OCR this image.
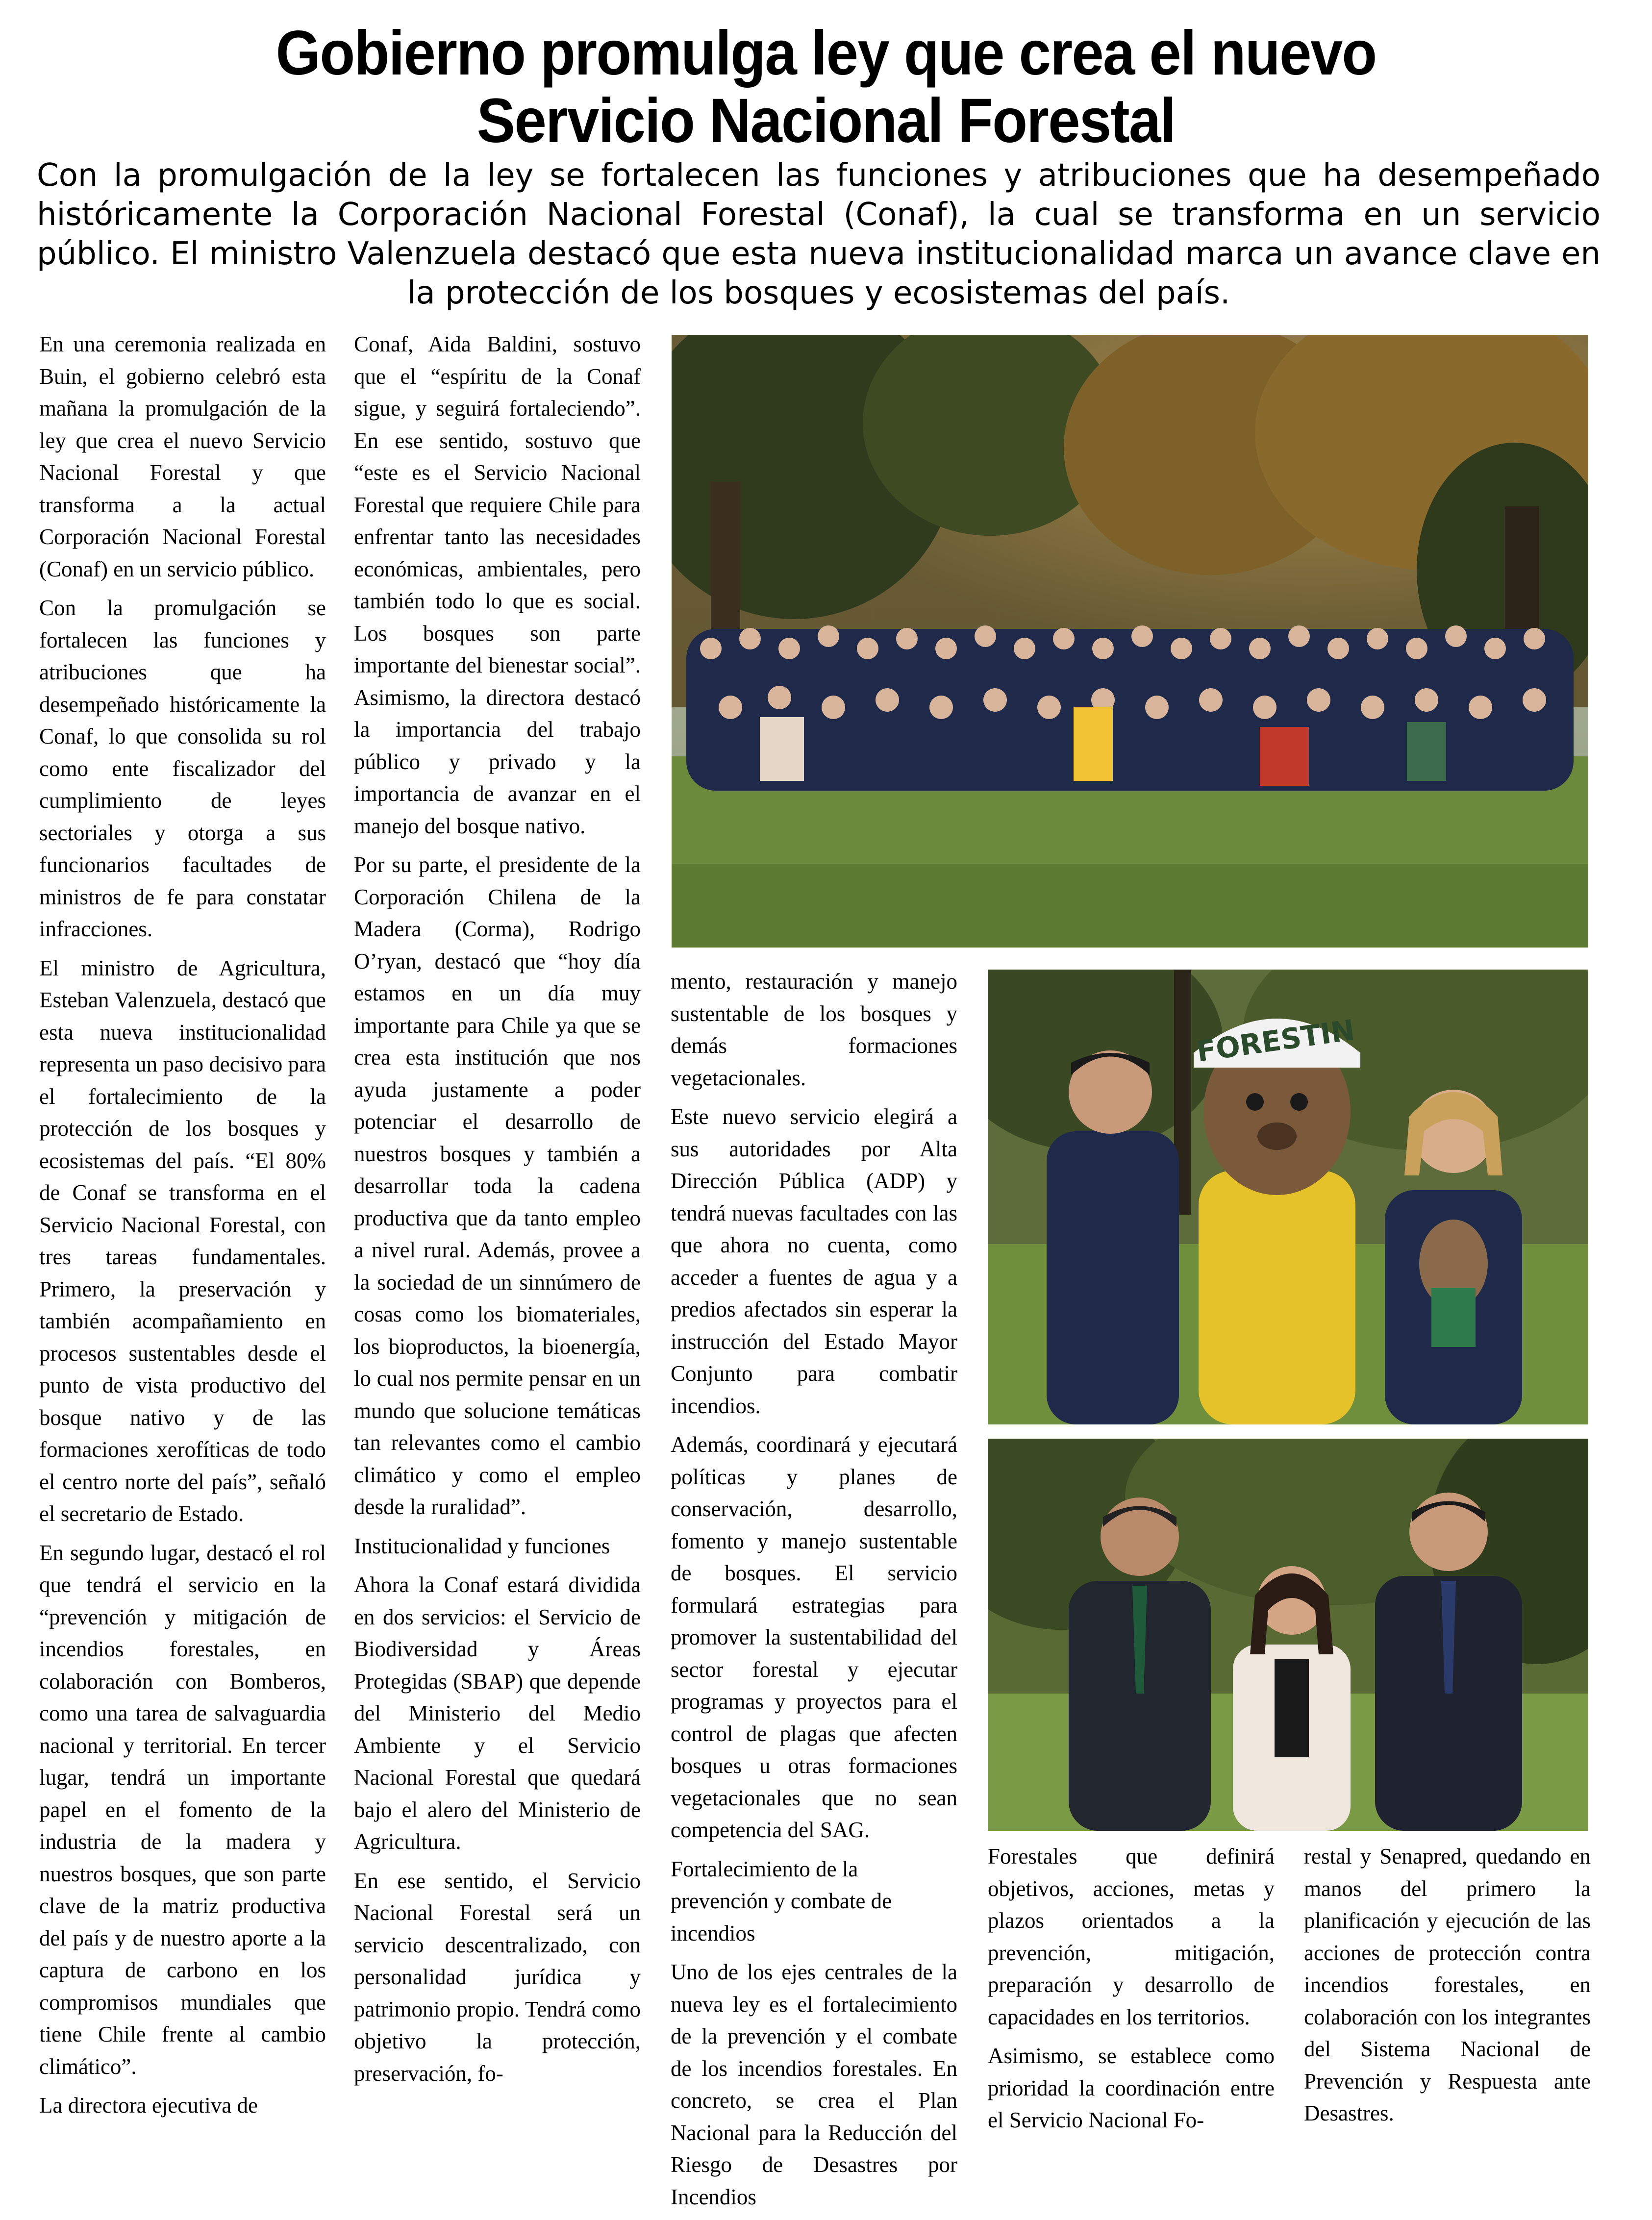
Gobierno promulga ley que crea el nuevo
Servicio Nacional Forestal
Con la promulgación de la ley se fortalecen las funciones y atribuciones que ha desempeñado históricamente la Corporación Nacional Forestal (Conaf), la cual se transforma en un servicio público. El ministro Valenzuela destacó que esta nueva institucionalidad marca un avance clave en la protección de los bosques y ecosistemas del país.

En una ceremonia realizada en Buin, el gobierno celebró esta mañana la promulgación de la ley que crea el nuevo Servicio Nacional Forestal y que transforma a la actual Corporación Nacional Forestal (Conaf) en un servicio público.

Con la promulgación se fortalecen las funciones y atribuciones que ha desempeñado históricamente la Conaf, lo que consolida su rol como ente fiscalizador del cumplimiento de leyes sectoriales y otorga a sus funcionarios facultades de ministros de fe para constatar infracciones.

El ministro de Agricultura, Esteban Valenzuela, destacó que esta nueva institucionalidad representa un paso decisivo para el fortalecimiento de la protección de los bosques y ecosistemas del país. “El 80% de Conaf se transforma en el Servicio Nacional Forestal, con tres tareas fundamentales. Primero, la preservación y también acompañamiento en procesos sustentables desde el punto de vista productivo del bosque nativo y de las formaciones xerofíticas de todo el centro norte del país”, señaló el secretario de Estado.

En segundo lugar, destacó el rol que tendrá el servicio en la “prevención y mitigación de incendios forestales, en colaboración con Bomberos, como una tarea de salvaguardia nacional y territorial. En tercer lugar, tendrá un importante papel en el fomento de la industria de la madera y nuestros bosques, que son parte clave de la matriz productiva del país y de nuestro aporte a la captura de carbono en los compromisos mundiales que tiene Chile frente al cambio climático”.

La directora ejecutiva de

Conaf, Aida Baldini, sostuvo que el “espíritu de la Conaf sigue, y seguirá fortaleciendo”. En ese sentido, sostuvo que “este es el Servicio Nacional Forestal que requiere Chile para enfrentar tanto las necesidades económicas, ambientales, pero también todo lo que es social. Los bosques son parte importante del bienestar social”. Asimismo, la directora destacó la importancia del trabajo público y privado y la importancia de avanzar en el manejo del bosque nativo.

Por su parte, el presidente de la Corporación Chilena de la Madera (Corma), Rodrigo O’ryan, destacó que “hoy día estamos en un día muy importante para Chile ya que se crea esta institución que nos ayuda justamente a poder potenciar el desarrollo de nuestros bosques y también a desarrollar toda la cadena productiva que da tanto empleo a nivel rural. Además, provee a la sociedad de un sinnúmero de cosas como los biomateriales, los bioproductos, la bioenergía, lo cual nos permite pensar en un mundo que solucione temáticas tan relevantes como el cambio climático y como el empleo desde la ruralidad”.

Institucionalidad y funciones

Ahora la Conaf estará dividida en dos servicios: el Servicio de Biodiversidad y Áreas Protegidas (SBAP) que depende del Ministerio del Medio Ambiente y el Servicio Nacional Forestal que quedará bajo el alero del Ministerio de Agricultura.

En ese sentido, el Servicio Nacional Forestal será un servicio descentralizado, con personalidad jurídica y patrimonio propio. Tendrá como objetivo la protección, preservación, fo-

mento, restauración y manejo sustentable de los bosques y demás formaciones vegetacionales.

Este nuevo servicio elegirá a sus autoridades por Alta Dirección Pública (ADP) y tendrá nuevas facultades con las que ahora no cuenta, como acceder a fuentes de agua y a predios afectados sin esperar la instrucción del Estado Mayor Conjunto para combatir incendios.

Además, coordinará y ejecutará políticas y planes de conservación, desarrollo, fomento y manejo sustentable de bosques. El servicio formulará estrategias para promover la sustentabilidad del sector forestal y ejecutar programas y proyectos para el control de plagas que afecten bosques u otras formaciones vegetacionales que no sean competencia del SAG.

Fortalecimiento de la prevención y combate de incendios

Uno de los ejes centrales de la nueva ley es el fortalecimiento de la prevención y el combate de los incendios forestales. En concreto, se crea el Plan Nacional para la Reducción del Riesgo de Desastres por Incendios

Forestales que definirá objetivos, acciones, metas y plazos orientados a la prevención, mitigación, preparación y desarrollo de capacidades en los territorios.

Asimismo, se establece como prioridad la coordinación entre el Servicio Nacional Fo-

restal y Senapred, quedando en manos del primero la planificación y ejecución de las acciones de protección contra incendios forestales, en colaboración con los integrantes del Sistema Nacional de Prevención y Respuesta ante Desastres.

FORESTIN
